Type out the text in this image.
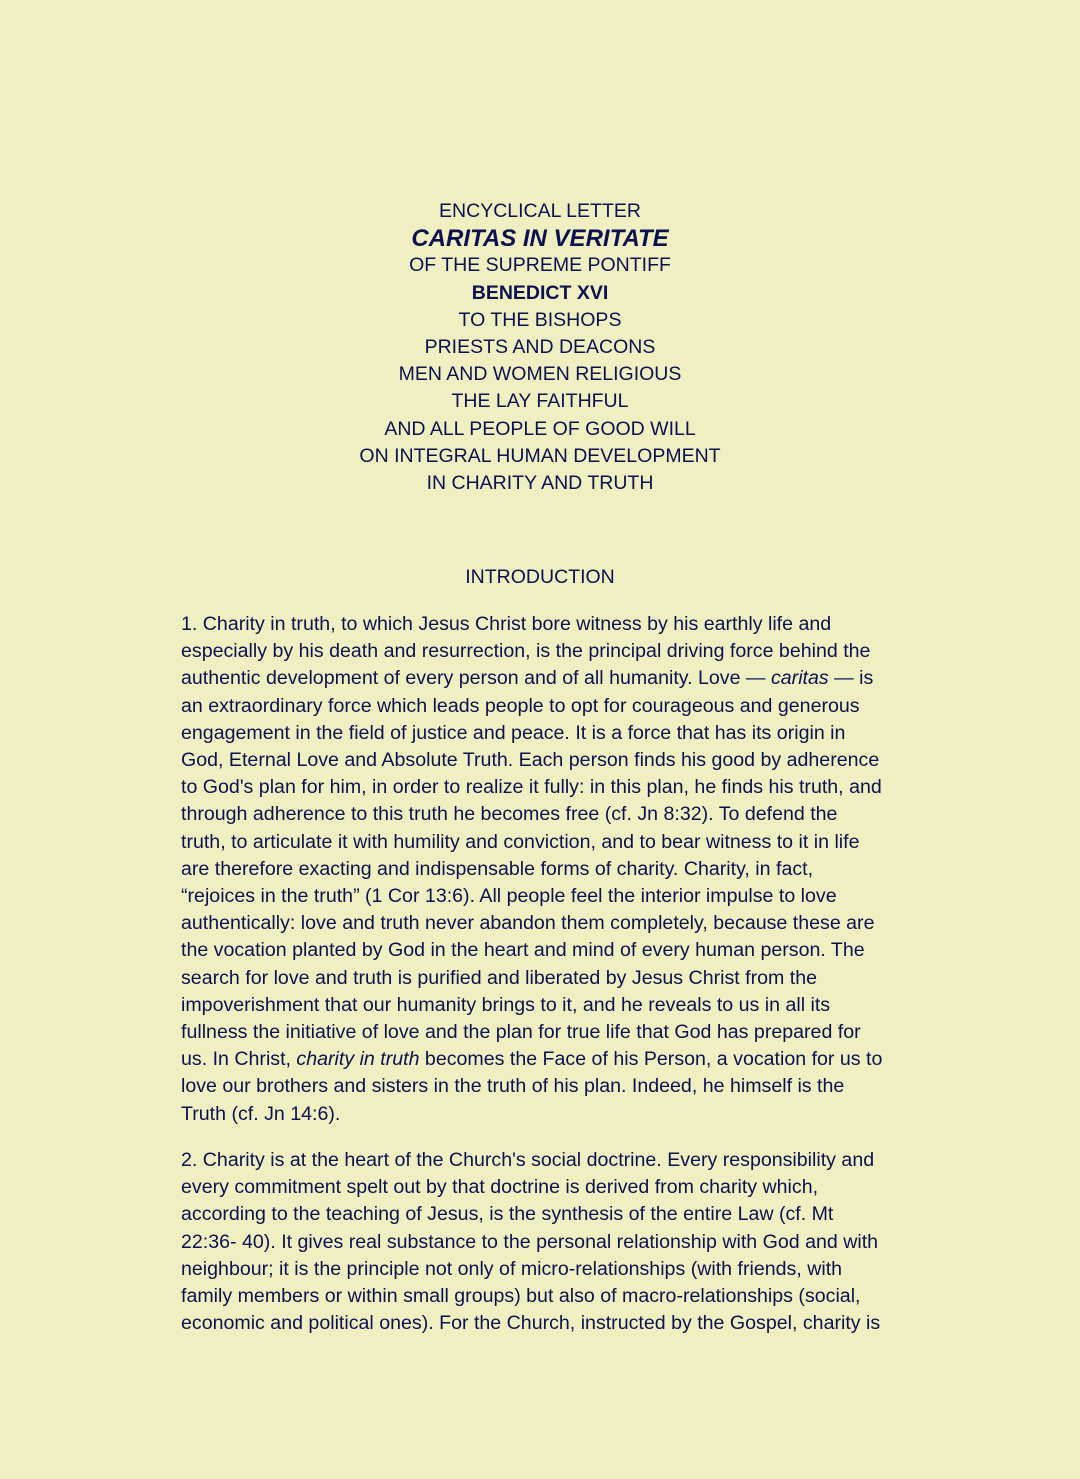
ENCYCLICAL LETTER
CARITAS IN VERITATE
OF THE SUPREME PONTIFF
BENEDICT XVI
TO THE BISHOPS
PRIESTS AND DEACONS
MEN AND WOMEN RELIGIOUS
THE LAY FAITHFUL
AND ALL PEOPLE OF GOOD WILL
ON INTEGRAL HUMAN DEVELOPMENT
IN CHARITY AND TRUTH
INTRODUCTION

1. Charity in truth, to which Jesus Christ bore witness by his earthly life and
especially by his death and resurrection, is the principal driving force behind the
authentic development of every person and of all humanity. Love — caritas — is
an extraordinary force which leads people to opt for courageous and generous
engagement in the field of justice and peace. It is a force that has its origin in
God, Eternal Love and Absolute Truth. Each person finds his good by adherence
to God's plan for him, in order to realize it fully: in this plan, he finds his truth, and
through adherence to this truth he becomes free (cf. Jn 8:32). To defend the
truth, to articulate it with humility and conviction, and to bear witness to it in life
are therefore exacting and indispensable forms of charity. Charity, in fact,
“rejoices in the truth” (1 Cor 13:6). All people feel the interior impulse to love
authentically: love and truth never abandon them completely, because these are
the vocation planted by God in the heart and mind of every human person. The
search for love and truth is purified and liberated by Jesus Christ from the
impoverishment that our humanity brings to it, and he reveals to us in all its
fullness the initiative of love and the plan for true life that God has prepared for
us. In Christ, charity in truth becomes the Face of his Person, a vocation for us to
love our brothers and sisters in the truth of his plan. Indeed, he himself is the
Truth (cf. Jn 14:6).

2. Charity is at the heart of the Church's social doctrine. Every responsibility and
every commitment spelt out by that doctrine is derived from charity which,
according to the teaching of Jesus, is the synthesis of the entire Law (cf. Mt
22:36- 40). It gives real substance to the personal relationship with God and with
neighbour; it is the principle not only of micro-relationships (with friends, with
family members or within small groups) but also of macro-relationships (social,
economic and political ones). For the Church, instructed by the Gospel, charity is
